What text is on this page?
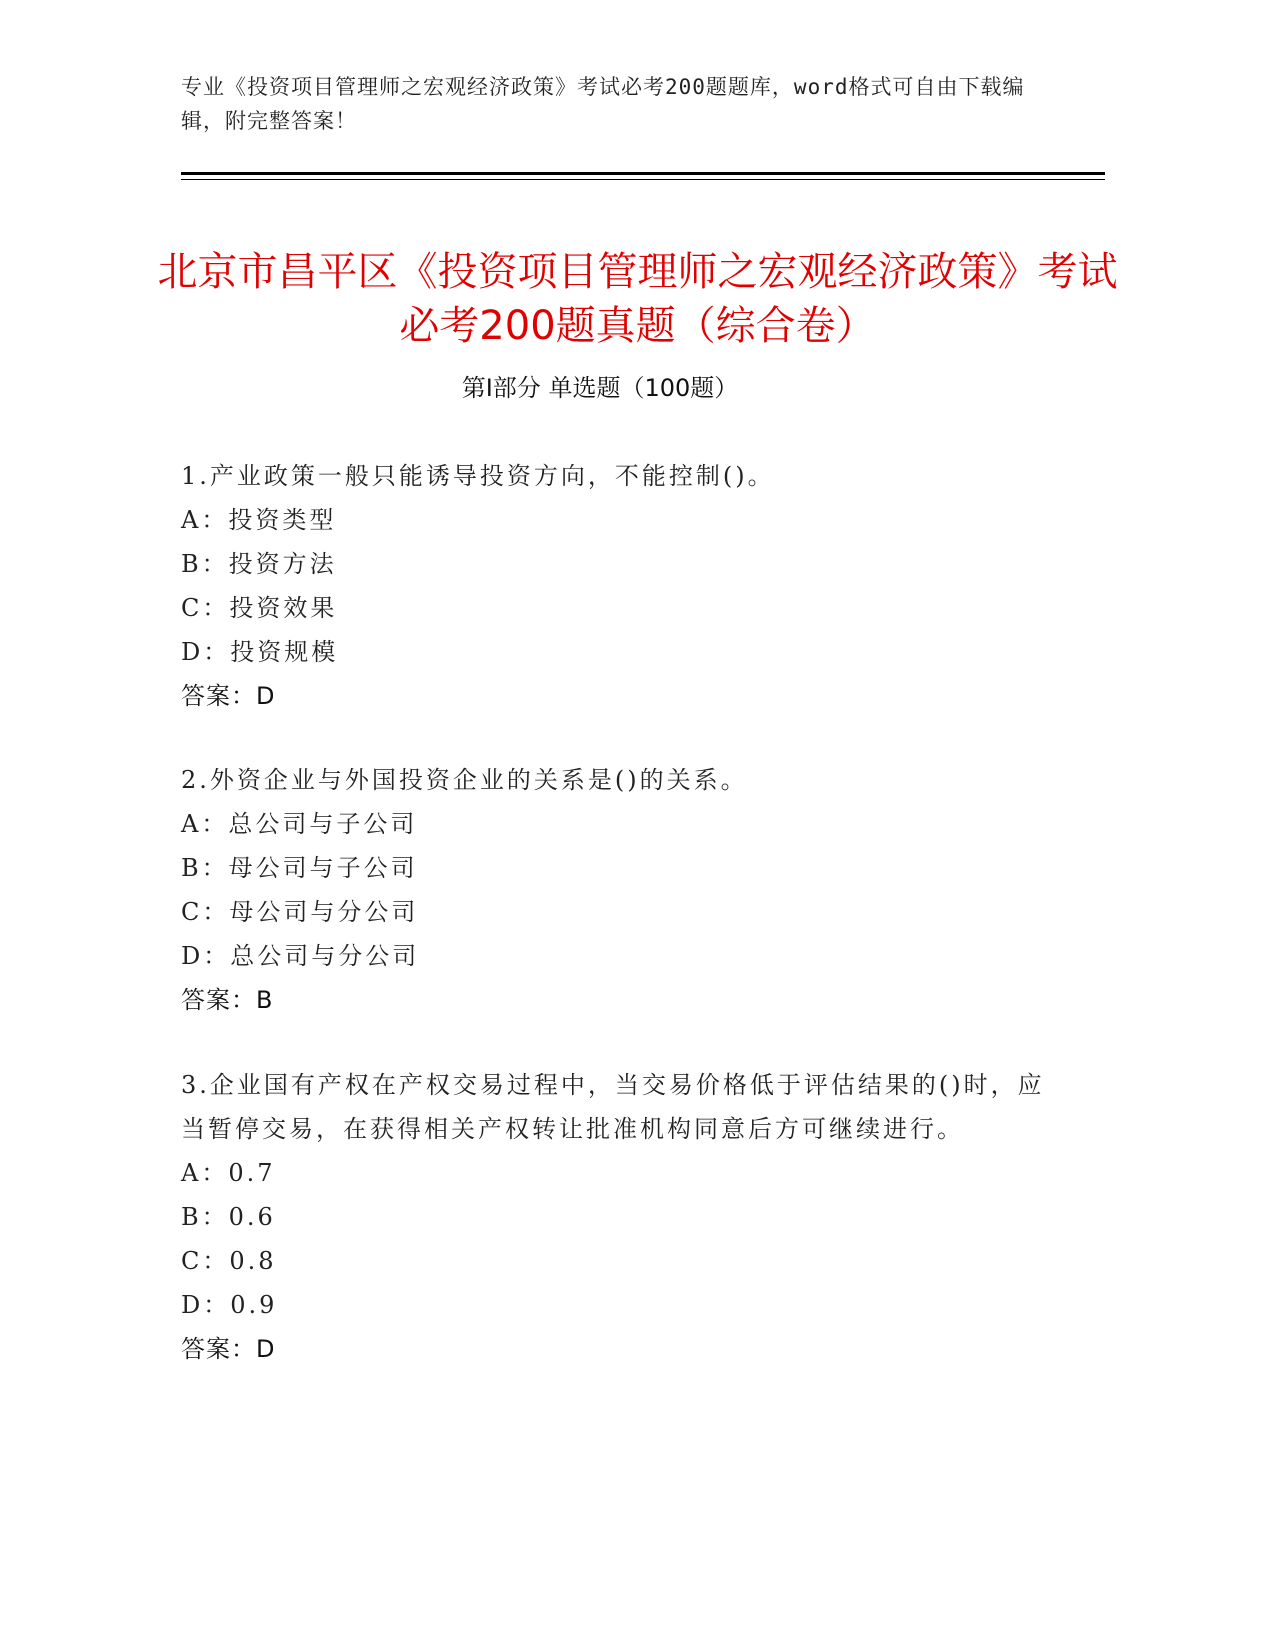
专业《投资项目管理师之宏观经济政策》考试必考200题题库，word格式可自由下载编辑，附完整答案！
北京市昌平区《投资项目管理师之宏观经济政策》考试必考200题真题（综合卷）
第Ⅰ部分 单选题（100题）

1.产业政策一般只能诱导投资方向，不能控制()。

A：投资类型

B：投资方法

C：投资效果

D：投资规模

答案：D

2.外资企业与外国投资企业的关系是()的关系。

A：总公司与子公司

B：母公司与子公司

C：母公司与分公司

D：总公司与分公司

答案：B

3.企业国有产权在产权交易过程中，当交易价格低于评估结果的()时，应当暂停交易，在获得相关产权转让批准机构同意后方可继续进行。

A：0.7

B：0.6

C：0.8

D：0.9

答案：D
